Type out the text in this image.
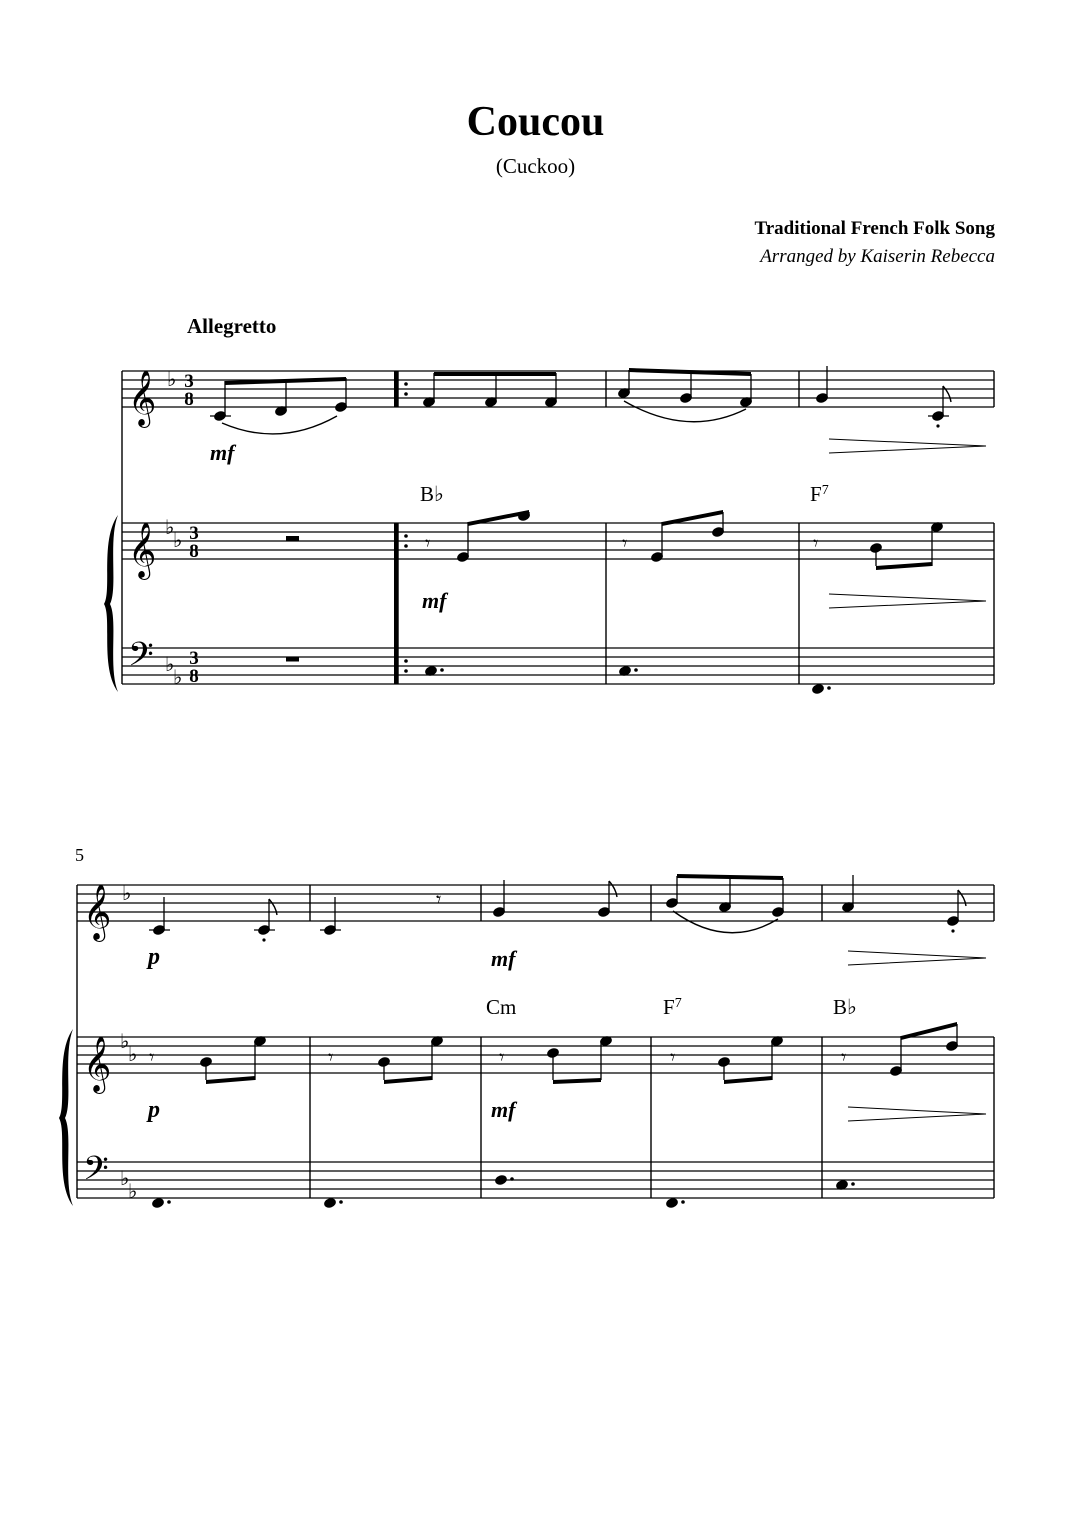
Coucou
(Cuckoo)
Traditional French Folk Song
Arranged by Kaiserin Rebecca
Allegretto
𝄞
𝄞
𝄢
♭
♭
♭
♭
♭
3
8
3
8
3
8
mf
B♭	$F^7$
𝄾	𝄾	𝄾
mf
5
𝄞
𝄞
𝄢
♭
♭
♭
♭
♭
𝄾
p	mf
Cm	$F^7$	B♭
𝄾	𝄾	𝄾	𝄾	𝄾
p	mf
